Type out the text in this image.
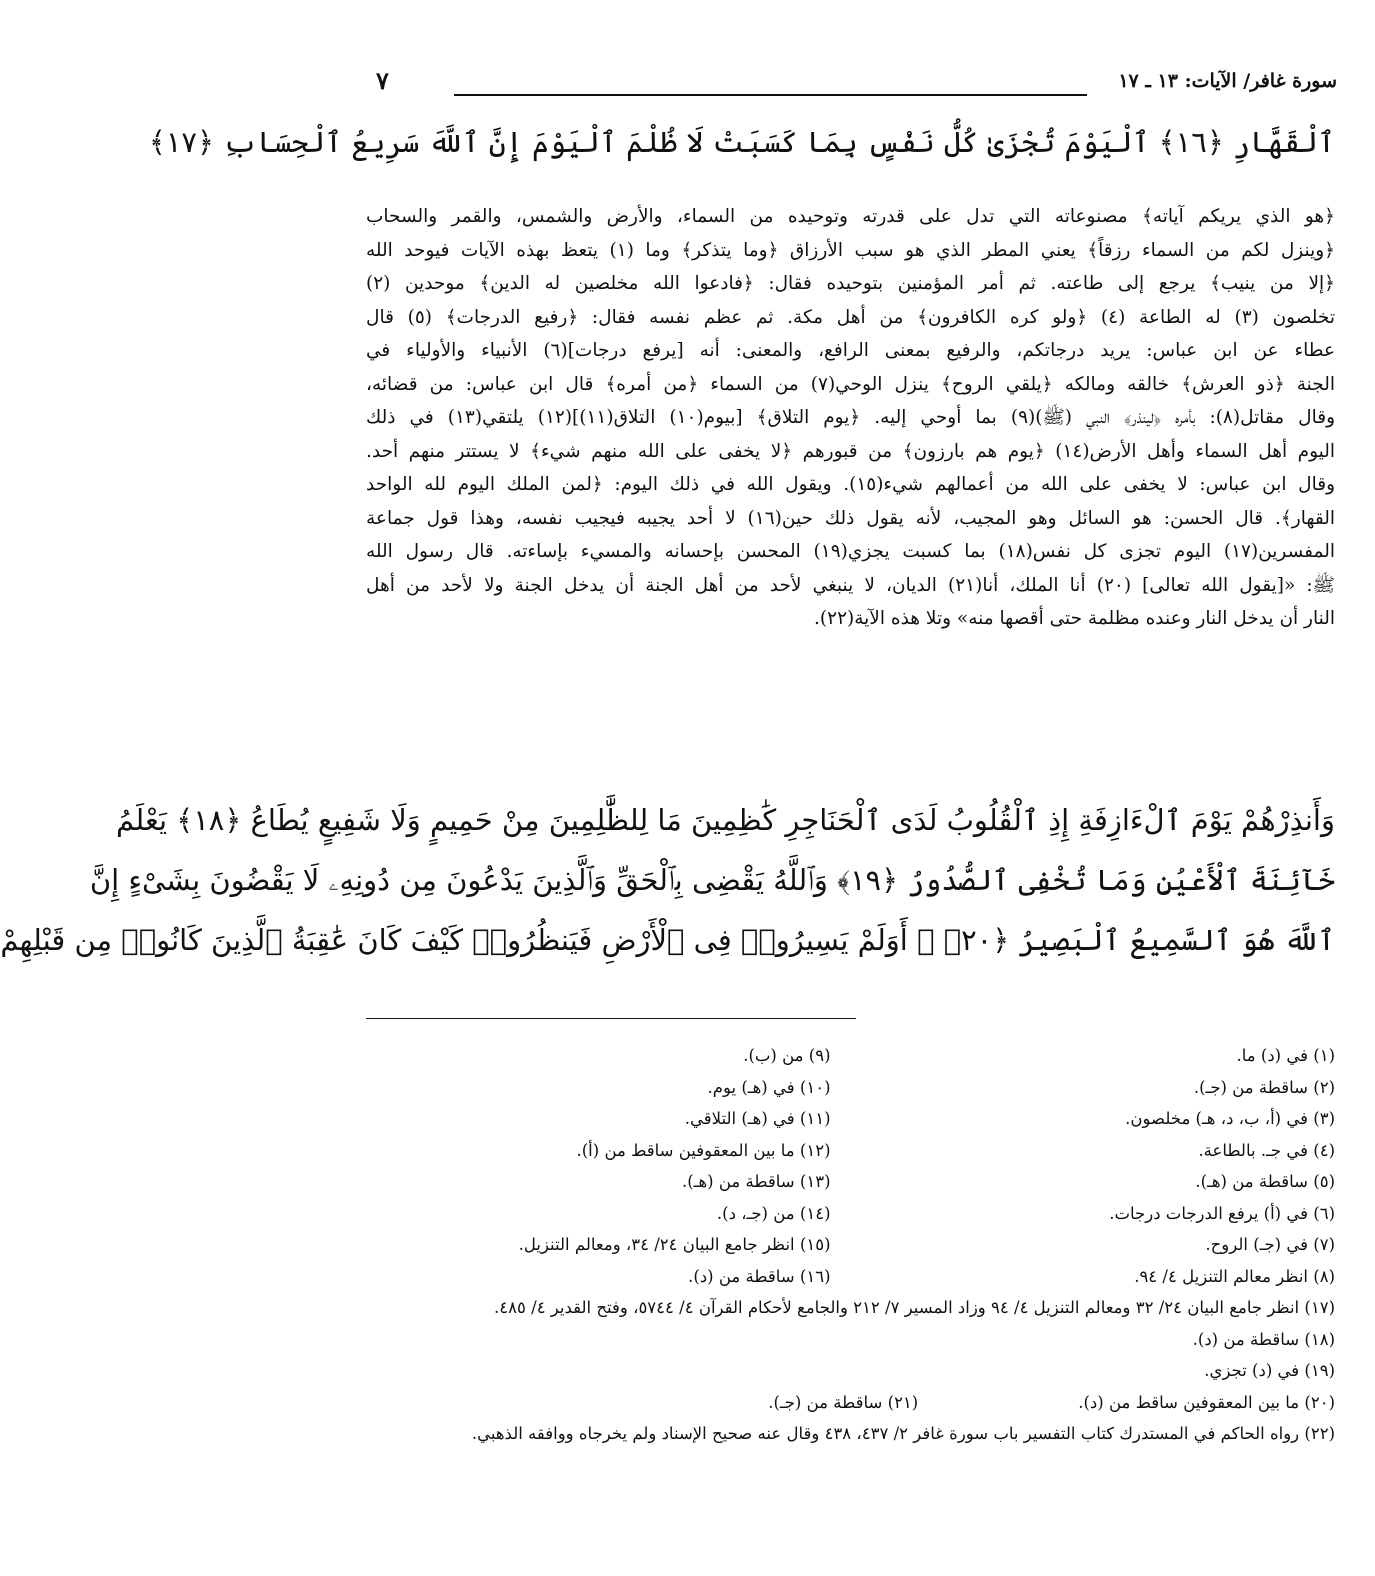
سورة غافر/ الآيات: ١٣ ـ ١٧
٧
ٱلْقَهَّارِ ﴿١٦﴾ ٱلْيَوْمَ تُجْزَىٰ كُلُّ نَفْسٍ بِمَا كَسَبَتْ لَا ظُلْمَ ٱلْيَوْمَ إِنَّ ٱللَّهَ سَرِيعُ ٱلْحِسَابِ ﴿١٧﴾
﴿هو الذي يريكم آياته﴾ مصنوعاته التي تدل على قدرته وتوحيده من السماء، والأرض والشمس، والقمر والسحاب
﴿وينزل لكم من السماء رزقاً﴾ يعني المطر الذي هو سبب الأرزاق ﴿وما يتذكر﴾ وما (١) يتعظ بهذه الآيات فيوحد الله
﴿إلا من ينيب﴾ يرجع إلى طاعته. ثم أمر المؤمنين بتوحيده فقال: ﴿فادعوا الله مخلصين له الدين﴾ موحدين (٢)
تخلصون (٣) له الطاعة (٤) ﴿ولو كره الكافرون﴾ من أهل مكة. ثم عظم نفسه فقال: ﴿رفيع الدرجات﴾ (٥) قال
عطاء عن ابن عباس: يريد درجاتكم، والرفيع بمعنى الرافع، والمعنى: أنه [يرفع درجات](٦) الأنبياء والأولياء في
الجنة ﴿ذو العرش﴾ خالقه ومالكه ﴿يلقي الروح﴾ ينزل الوحي(٧) من السماء ﴿من أمره﴾ قال ابن عباس: من قضائه،
وقال مقاتل(٨): بأمره ﴿لينذر﴾ النبي (ﷺ)(٩) بما أوحي إليه. ﴿يوم التلاق﴾ [بيوم(١٠) التلاق(١١)](١٢) يلتقي(١٣) في ذلك
اليوم أهل السماء وأهل الأرض(١٤) ﴿يوم هم بارزون﴾ من قبورهم ﴿لا يخفى على الله منهم شيء﴾ لا يستتر منهم أحد.
وقال ابن عباس: لا يخفى على الله من أعمالهم شيء(١٥). ويقول الله في ذلك اليوم: ﴿لمن الملك اليوم لله الواحد
القهار﴾. قال الحسن: هو السائل وهو المجيب، لأنه يقول ذلك حين(١٦) لا أحد يجيبه فيجيب نفسه، وهذا قول جماعة
المفسرين(١٧) اليوم تجزى كل نفس(١٨) بما كسبت يجزي(١٩) المحسن بإحسانه والمسيء بإساءته. قال رسول الله
ﷺ: «[يقول الله تعالى] (٢٠) أنا الملك، أنا(٢١) الديان، لا ينبغي لأحد من أهل الجنة أن يدخل الجنة ولا لأحد من أهل
النار أن يدخل النار وعنده مظلمة حتى أقصها منه» وتلا هذه الآية(٢٢).
وَأَنذِرْهُمْ يَوْمَ ٱلْءَازِفَةِ إِذِ ٱلْقُلُوبُ لَدَى ٱلْحَنَاجِرِ كَٰظِمِينَ مَا لِلظَّٰلِمِينَ مِنْ حَمِيمٍ وَلَا شَفِيعٍ يُطَاعُ ﴿١٨﴾ يَعْلَمُ
خَآئِنَةَ ٱلْأَعْيُنِ وَمَا تُخْفِى ٱلصُّدُورُ ﴿١٩﴾ وَٱللَّهُ يَقْضِى بِٱلْحَقِّ وَٱلَّذِينَ يَدْعُونَ مِن دُونِهِۦ لَا يَقْضُونَ بِشَىْءٍ إِنَّ
ٱللَّهَ هُوَ ٱلسَّمِيعُ ٱلْبَصِيرُ ﴿٢٠﴾ ۞ أَوَلَمْ يَسِيرُوا۟ فِى ٱلْأَرْضِ فَيَنظُرُوا۟ كَيْفَ كَانَ عَٰقِبَةُ ٱلَّذِينَ كَانُوا۟ مِن قَبْلِهِمْ
(١) في (د) ما.
(٢) ساقطة من (جـ).
(٣) في (أ، ب، د، هـ) مخلصون.
(٤) في جـ. بالطاعة.
(٥) ساقطة من (هـ).
(٦) في (أ) يرفع الدرجات درجات.
(٧) في (جـ) الروح.
(٨) انظر معالم التنزيل ٤/ ٩٤.
(٩) من (ب).
(١٠) في (هـ) يوم.
(١١) في (هـ) التلاقي.
(١٢) ما بين المعقوفين ساقط من (أ).
(١٣) ساقطة من (هـ).
(١٤) من (جـ، د).
(١٥) انظر جامع البيان ٢٤/ ٣٤، ومعالم التنزيل.
(١٦) ساقطة من (د).
(١٧) انظر جامع البيان ٢٤/ ٣٢ ومعالم التنزيل ٤/ ٩٤ وزاد المسير ٧/ ٢١٢ والجامع لأحكام القرآن ٤/ ٥٧٤٤، وفتح القدير ٤/ ٤٨٥.
(١٨) ساقطة من (د).
(١٩) في (د) تجزي.
(٢٠) ما بين المعقوفين ساقط من (د).
(٢١) ساقطة من (جـ).
(٢٢) رواه الحاكم في المستدرك كتاب التفسير باب سورة غافر ٢/ ٤٣٧، ٤٣٨ وقال عنه صحيح الإسناد ولم يخرجاه ووافقه الذهبي.
